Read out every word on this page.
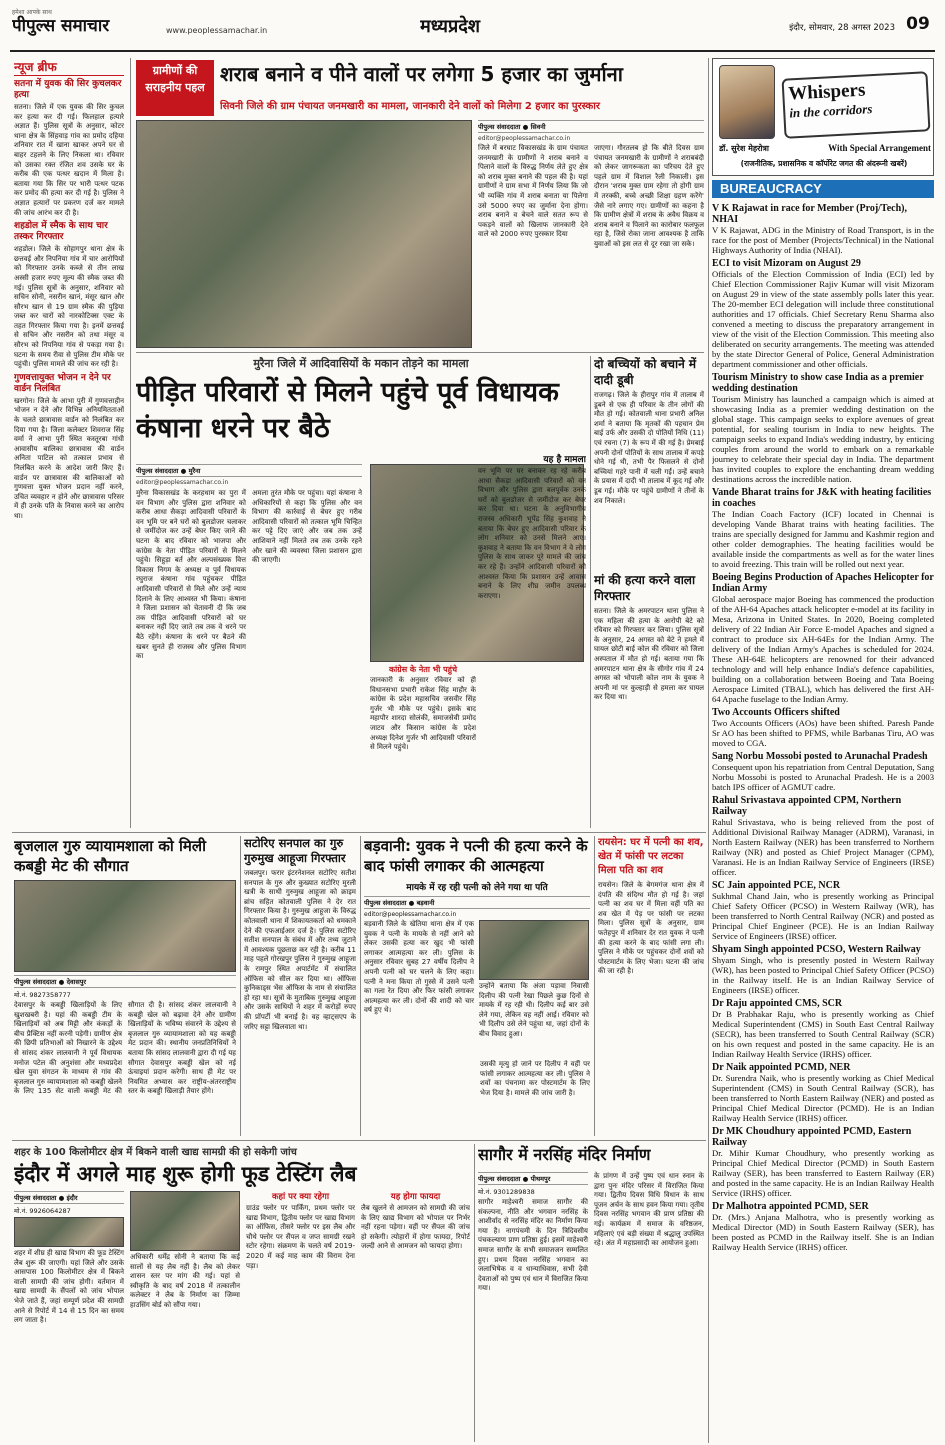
हमेशा आपके साथ
पीपुल्स समाचार	www.peoplessamachar.in	मध्यप्रदेश	इंदौर, सोमवार, 28 अगस्त 2023 09
न्यूज ब्रीफ
सतना में युवक की सिर कुचलकर हत्या
सतना। जिले में एक युवक की सिर कुचल कर हत्या कर दी गई। फिलहाल हत्यारे अज्ञात हैं। पुलिस सूत्रों के अनुसार, कोटर थाना क्षेत्र के सिंहवाड़ गांव का प्रमोद दहिया शनिवार रात में खाना खाकर अपने घर से बाहर टहलने के लिए निकला था। रविवार को उसका रक्त रंजित शव उसके घर के करीब की एक पत्थर खदान में मिला है। बताया गया कि सिर पर भारी पत्थर पटक कर प्रमोद की हत्या कर दी गई है। पुलिस ने अज्ञात हत्यारों पर प्रकरण दर्ज कर मामले की जांच आरंभ कर दी है।
शहडोल में स्मैक के साथ चार तस्कर गिरफ्तार
शहडोल। जिले के सोहागपुर थाना क्षेत्र के छत्तवई और निपनिया गांव में चार आरोपियों को गिरफ्तार उनके कब्जे से तीन लाख अस्सी हजार रुपए मूल्य की स्मैक जब्त की गई। पुलिस सूत्रों के अनुसार, शनिवार को सचिन सोनी, नसरीन खानं, मंसूर खान और सौरभ खान से 19 ग्राम स्मैक की पुड़िया जब्त कर चारों को नारकोटिक्स एक्ट के तहत गिरफ्तार किया गया है। इनमें छत्तवई से सचिन और नसरीन को तथा मंसूर व सौरभ को निपनिया गांव से पकड़ा गया है। घटना के समय रीवा से पुलिस टीम मौके पर पहुंची। पुलिस मामले की जांच कर रही है।
गुणवत्तायुक्त भोजन न देने पर वार्डन निलंबित
खरगोन। जिले के आभा पुरी में गुणवत्ताहीन भोजन न देने और विभिन्न अनियमितताओं के चलते छात्रावास वार्डन को निलंबित कर दिया गया है। जिला कलेक्टर शिवराज सिंह वर्मा ने आभा पुरी स्थित कस्तूरबा गांधी आवासीय बालिका छात्रावास की वार्डन अनिता पाटिल को तत्काल प्रभाव से निलंबित करने के आदेश जारी किए हैं। वार्डन पर छात्रावास की बालिकाओं को गुणवत्ता युक्त भोजन प्रदान नहीं करने, उचित व्यवहार न होने और छात्रावास परिसर में ही उनके पति के निवास करने का आरोप था।
ग्रामीणों की सराहनीय पहल
शराब बनाने व पीने वालों पर लगेगा 5 हजार का जुर्माना
सिवनी जिले की ग्राम पंचायत जनमखारी का मामला, जानकारी देने वालों को मिलेगा 2 हजार का पुरस्कार
पीपुल्स संवाददाता ● सिवनी
editor@peoplessamachar.co.in
जिले में बरघाट विकासखंड के ग्राम पंचायत जनमखारी के ग्रामीणों ने शराब बनाने व पिलाने वालों के विरुद्ध निर्णय लेते हुए क्षेत्र को शराब मुक्त बनाने की पहल की है। यहां ग्रामीणों ने ग्राम सभा में निर्णय लिया कि जो भी व्यक्ति गांव में शराब बनाता या पिलेगा उसे 5000 रुपए का जुर्माना देना होगा। शराब बनाने व बेचने वाले सतत रूप से पकड़ने वालों को खिलाफ जानकारी देने वाले को 2000 रुपए पुरस्कार दिया
जाएगा। गौरतलब हो कि बीते दिवस ग्राम पंचायत जनमखारी के ग्रामीणों ने शराबबंदी को लेकर जागरूकता का परिचय देते हुए पहले ग्राम में विशाल रैली निकाली। इस दौरान 'शराब मुक्त ग्राम रहेगा तो होगी ग्राम में तरक्की, बच्चे अच्छी शिक्षा ग्रहण करेंगे' जैसे नारे लगाए गए। ग्रामीणों का कहना है कि ग्रामीण क्षेत्रों में शराब के अवैध विक्रय व शराब बनाने व पिलाने का कारोबार फलफूल रहा है, जिसे रोका जाना आवश्यक है ताकि युवाओं को इस लत से दूर रखा जा सके।
मुरैना जिले में आदिवासियों के मकान तोड़ने का मामला
पीड़ित परिवारों से मिलने पहुंचे पूर्व विधायक कंषाना धरने पर बैठे
पीपुल्स संवाददाता ● मुरैना
editor@peoplessamachar.co.in
मुरैना विकासखंड के करहधाम का पुरा में वन विभाग और पुलिस द्वारा शनिवार को करीब आधा सैकड़ा आदिवासी परिवारों के वन भूमि पर बने घरों को बुलडोजर चलाकर से जमींदोज कर उन्हें बेघर किए जाने की घटना के बाद रविवार को भाजपा और कांग्रेस के नेता पीड़ित परिवारों से मिलने पहुंचे। सिहुड़ा बर्त और अल्पसंख्यक वित्त विकास निगम के अध्यक्ष व पूर्व विधायक रघुराज कंषाना गांव पहुंचकर पीड़ित आदिवासी परिवारों से मिले और उन्हें न्याय दिलाने के लिए आश्वस्त भी किया। कंषाना ने जिला प्रशासन को चेतावनी दी कि जब तक पीड़ित आदिवासी परिवारों को घर बनाकर नहीं दिए जाते तब तक वे धरने पर बैठे रहेंगे। कंषाना के धरने पर बैठने की खबर सुनते ही राजस्व और पुलिस विभाग का
अमला तुरंत मौके पर पहुंचा। यहां कंषाना ने अधिकारियों से कहा कि पुलिस और वन विभाग की कार्रवाई से बेघर हुए गरीब आदिवासी परिवारों को तत्काल भूमि चिन्हित कर पट्टे दिए जाएं और जब तक उन्हें आशियाने नहीं मिलते तब तक उनके रहने और खाने की व्यवस्था जिला प्रशासन द्वारा की जाएगी।
यह है मामला
वन भूमि पर घर बनाकर रह रहे करीब आधा सैकड़ा आदिवासी परिवारों को वन विभाग और पुलिस द्वारा बलपूर्वक उनके घरों को बुलडोजर से जमींदोज कर बेघर कर दिया था। घटना के अनुविभागीय राजस्व अधिकारी भूपेंद्र सिंह कुशवाह ने बताया कि बेघर हुए आदिवासी परिवार के लोग शनिवार को उनसे मिलने आए। कुशवाह ने बताया कि वन विभाग ने वे लोग पुलिस के साथ जाकर पूरे मामले की जांच कर रहे हैं। उन्होंने आदिवासी परिवारों को आश्वस्त किया कि प्रशासन उन्हें आवास बनाने के लिए शीघ्र जमीन उपलब्ध कराएगा।
कांग्रेस के नेता भी पहुंचे
जानकारी के अनुसार रविवार को ही विधानसभा प्रभारी राकेश सिंह माहौर के कांग्रेस के प्रदेश महासचिव जसवीर सिंह गुर्जर भी मौके पर पहुंचे। इसके बाद महापौर शारदा सोलंकी, समाजसेवी प्रमोद जाटव और किसान कांग्रेस के प्रदेश अध्यक्ष दिनेश गुर्जर भी आदिवासी परिवारों से मिलने पहुंचे।
दो बच्चियों को बचाने में दादी डूबी
राजगढ़। जिले के हीरापुर गांव में तालाब में डूबने से एक ही परिवार के तीन लोगों की मौत हो गई। कोतवाली थाना प्रभारी अनिल शर्मा ने बताया कि मृतकों की पहचान प्रेम बाई उर्फ और उसकी दो पोतियों निधि (11) एवं रचना (7) के रूप में की गई है। प्रेमबाई अपनी दोनों पोतियों के साथ तालाब में कपड़े धोने गई थी, तभी पैर फिसलने से दोनों बच्चियां गहरे पानी में चली गईं। उन्हें बचाने के प्रयास में दादी भी तालाब में कूद गई और डूब गई। मौके पर पहुंचे ग्रामीणों ने तीनों के शव निकाले।
मां की हत्या करने वाला गिरफ्तार
सतना। जिले के अमरपाटन थाना पुलिस ने एक महिला की हत्या के आरोपी बेटे को रविवार को गिरफ्तार कर लिया। पुलिस सूत्रों के अनुसार, 24 अगस्त को बेटे ने हमले में घायल छोटी बाई कोल की रविवार को जिला अस्पताल में मौत हो गई। बताया गया कि अमरपाटन थाना क्षेत्र के सीगोर गांव में 24 अगस्त को भोपाली कोल नाम के युवक ने अपनी मां पर कुल्हाड़ी से हमला कर घायल कर दिया था।
बृजलाल गुरु व्यायामशाला को मिली कबड्डी मेट की सौगात
पीपुल्स संवाददाता ● देवासपुर
मो.नं. 9827358777
देवासपुर के कबड्डी खिलाड़ियों के लिए खुशखबरी है। यहां की कबड्डी टीम के खिलाड़ियों को अब मिट्टी और कंकड़ों के बीच प्रैक्टिस नहीं करनी पड़ेगी। ग्रामीण क्षेत्र की छिपी प्रतिभाओं को निखारने के उद्देश्य से सांसद शंकर लालवानी ने पूर्व विधायक मनोज पटेल की अनुशंसा और मध्यप्रदेश खेल युवा संगठन के माध्यम से गांव की बृजलाल गुरु व्यायामशाला को कबड्डी खेलने के लिए 135 सेट वाली कबड्डी मेट की सौगात दी है। सांसद शंकर लालवानी ने कबड्डी खेल को बढ़ावा देने और ग्रामीण खिलाड़ियों के भविष्य संवारने के उद्देश्य से बृजलाल गुरु व्यायामशाला को यह कबड्डी मेट प्रदान की। स्थानीय जनप्रतिनिधियों ने बताया कि सांसद लालवानी द्वारा दी गई यह सौगात देवासपुर कबड्डी खेल को नई ऊंचाइयां प्रदान करेगी। साथ ही मेट पर नियमित अभ्यास कर राष्ट्रीय-अंतरराष्ट्रीय स्तर के कबड्डी खिलाड़ी तैयार होंगे।
सटोरिए सनपाल का गुरु गुरुमुख आहूजा गिरफ्तार
जबलपुर। फरार इंटरनेशनल सटोरिए सतीश सनपाल के गुरु और कुख्यात सटोरिए मुरली खत्री के साथी गुरुमुख आहूजा को क्राइम ब्रांच सहित कोतवाली पुलिस ने देर रात गिरफ्तार किया है। गुरुमुख आहूजा के विरुद्ध कोतवाली थाना में शिकायतकर्ता को धमकाने देने की एफआईआर दर्ज है। पुलिस सटोरिए सतीश सनपाल के संबंध में और तथ्य जुटाने में आवश्यक पूछताछ कर रही है। करीब 11 माह पहले गोरखपुर पुलिस ने गुरुमुख आहूजा के रामपुर स्थित अपार्टमेंट में संचालित ऑफिस को सील कर दिया था। ऑफिस कुनिकाड्स भेंस ऑफिस के नाम से संचालित हो रहा था। सूत्रों के मुताबिक गुरुमुख आहूजा और उसके साथियों ने शहर में करोड़ों रुपए की प्रॉपर्टी भी बनाई है। वह व्हाट्सएप के जरिए सट्टा खिलवाता था।
बड़वानी: युवक ने पत्नी की हत्या करने के बाद फांसी लगाकर की आत्महत्या
मायके में रह रही पत्नी को लेने गया था पति
पीपुल्स संवाददाता ● बड़वानी
editor@peoplessamachar.co.in
बड़वानी जिले के खेतिया थाना क्षेत्र में एक युवक ने पत्नी के मायके से नहीं आने को लेकर उसकी हत्या कर खुद भी फांसी लगाकर आत्महत्या कर ली। पुलिस के अनुसार रविवार सुबह 27 वर्षीय दिलीप ने अपनी पत्नी को घर चलने के लिए कहा। पत्नी ने मना किया तो गुस्से में उसने पत्नी का गला रेत दिया और फिर फांसी लगाकर आत्महत्या कर ली। दोनों की शादी को चार वर्ष हुए थे।
उन्होंने बताया कि अंजा पड़ावा निवासी दिलीप की पत्नी रेखा पिछले कुछ दिनों से मायके में रह रही थी। दिलीप कई बार उसे लेने गया, लेकिन वह नहीं आई। रविवार को भी दिलीप उसे लेने पहुंचा था, जहां दोनों के बीच विवाद हुआ।
उसकी मृत्यु हो जाने पर दिलीप ने वहीं पर फांसी लगाकर आत्महत्या कर ली। पुलिस ने शवों का पंचनामा कर पोस्टमार्टम के लिए भेज दिया है। मामले की जांच जारी है।
रायसेन: घर में पत्नी का शव, खेत में फांसी पर लटका मिला पति का शव
रायसेन। जिले के बेगमगंज थाना क्षेत्र में दंपति की संदिग्ध मौत हो गई है। जहां पत्नी का शव घर में मिला वहीं पति का शव खेत में पेड़ पर फांसी पर लटका मिला। पुलिस सूत्रों के अनुसार, ग्राम फतेहपुर में शनिवार देर रात युवक ने पत्नी की हत्या करने के बाद फांसी लगा ली। पुलिस ने मौके पर पहुंचकर दोनों शवों को पोस्टमार्टम के लिए भेजा। घटना की जांच की जा रही है।
शहर के 100 किलोमीटर क्षेत्र में बिकने वाली खाद्य सामग्री की हो सकेगी जांच
इंदौर में अगले माह शुरू होगी फूड टेस्टिंग लैब
पीपुल्स संवाददाता ● इंदौर
मो.नं. 9926064287
शहर में शीघ्र ही खाद्य विभाग की फूड टेस्टिंग लैब शुरू की जाएगी। यहां जिले और उसके आसपास 100 किलोमीटर क्षेत्र में बिकने वाली सामग्री की जांच होगी। वर्तमान में खाद्य सामग्री के सैंपलों को जांच भोपाल भेजे जाते हैं, जहां सम्पूर्ण प्रदेश की सामग्री आने से रिपोर्ट में 14 से 15 दिन का समय लग जाता है।
अधिकारी धर्मेंद्र सोनी ने बताया कि कई सालों से यह लैब नहीं है। लैब को लेकर शासन स्तर पर मांग की गई। यहां से स्वीकृति के बाद वर्ष 2018 में तत्कालीन कलेक्टर ने लैब के निर्माण का जिम्मा हाउसिंग बोर्ड को सौंपा गया।
कहां पर क्या रहेगा
ग्राउंड फ्लोर पर पार्किंग, प्रथम फ्लोर पर खाद्य विभाग, द्वितीय फ्लोर पर खाद्य विभाग का ऑफिस, तीसरे फ्लोर पर इस लैब और चौथे फ्लोर पर सैंपल व जप्त सामग्री रखने स्टोर रहेगा। संक्रमण के चलते वर्ष 2019-2020 में कई माह काम की विराम देना पड़ा।
यह होगा फायदा
लैब खुलने से आमजन को सामग्री की जांच के लिए खाद्य विभाग को भोपाल पर निर्भर नहीं रहना पड़ेगा। वहीं पर सैंपल की जांच हो सकेगी। त्योहारों में होगा फायदा, रिपोर्ट जल्दी आने से आमजन को फायदा होगा।
सागौर में नरसिंह मंदिर निर्माण
पीपुल्स संवाददाता ● पीथमपुर
मो.नं. 9301289838
सागौर माहेश्वरी समाज सागौर की संकल्पना, नीति और भगवान नरसिंह के आशीर्वाद से नरसिंह मंदिर का निर्माण किया गया है। नागपंचमी के दिन त्रिदिवसीय पंचकल्याण प्राण प्रतिष्ठा हुई। इसमें माहेश्वरी समाज सागौर के सभी समाजजन सम्मलित हुए। प्रथम दिवस नरसिंह भगवान का जलाभिषेक व व धान्याधिवास, सभी देवी देवताओं को पुष्प एवं धान में विराजित किया गया।
के प्रांगण में उन्हें पुष्प एवं धान स्नान के द्वारा पुनः मंदिर परिसर में विराजित किया गया। द्वितीय दिवस विधि विधान के साथ पूजन अर्चन के साथ हवन किया गया। तृतीय दिवस नरसिंह भगवान की प्राण प्रतिष्ठा की गई। कार्यक्रम में समाज के वरिष्ठजन, महिलाएं एवं बड़ी संख्या में श्रद्धालु उपस्थित रहे। अंत में महाप्रसादी का आयोजन हुआ।
Whispers
in the corridors
डॉ. सुरेश मेहरोत्रा	With Special Arrangement
(राजनीतिक, प्रशासनिक व कॉर्पोरेट जगत की अंदरूनी खबरें)
BUREAUCRACY
V K Rajawat in race for Member (Proj/Tech), NHAI
V K Rajawat, ADG in the Ministry of Road Transport, is in the race for the post of Member (Projects/Technical) in the National Highways Authority of India (NHAI).
ECI to visit Mizoram on August 29
Officials of the Election Commission of India (ECI) led by Chief Election Commissioner Rajiv Kumar will visit Mizoram on August 29 in view of the state assembly polls later this year. The 20-member ECI delegation will include three constitutional authorities and 17 officials. Chief Secretary Renu Sharma also convened a meeting to discuss the preparatory arrangement in view of the visit of the Election Commission. This meeting also deliberated on security arrangements. The meeting was attended by the state Director General of Police, General Administration department commissioner and other officials.
Tourism Ministry to show case India as a premier wedding destination
Tourism Ministry has launched a campaign which is aimed at showcasing India as a premier wedding destination on the global stage. This campaign seeks to explore avenues of great potential, for sealing tourism in India to new heights. The campaign seeks to expand India's wedding industry, by enticing couples from around the world to embark on a remarkable journey to celebrate their special day in India. The department has invited couples to explore the enchanting dream wedding destinations across the incredible nation.
Vande Bharat trains for J&K with heating facilities in coaches
The Indian Coach Factory (ICF) located in Chennai is developing Vande Bharat trains with heating facilities. The trains are specially designed for Jammu and Kashmir region and other colder demographies. The heating facilities would be available inside the compartments as well as for the water lines to avoid freezing. This train will be rolled out next year.
Boeing Begins Production of Apaches Helicopter for Indian Army
Global aerospace major Boeing has commenced the production of the AH-64 Apaches attack helicopter e-model at its facility in Mesa, Arizona in United States. In 2020, Boeing completed delivery of 22 Indian Air Force E-model Apaches and signed a contract to produce six AH-64Es for the Indian Army. The delivery of the Indian Army's Apaches is scheduled for 2024. These AH-64E helicopters are renowned for their advanced technology and will help enhance India's defence capabilities, building on a collaboration between Boeing and Tata Boeing Aerospace Limited (TBAL), which has delivered the first AH-64 Apache fuselage to the Indian Army.
Two Accounts Officers shifted
Two Accounts Officers (AOs) have been shifted. Paresh Pande Sr AO has been shifted to PFMS, while Barbanas Tiru, AO was moved to CGA.
Sang Norbu Mossobi posted to Arunachal Pradesh
Consequent upon his repatriation from Central Deputation, Sang Norbu Mossobi is posted to Arunachal Pradesh. He is a 2003 batch IPS officer of AGMUT cadre.
Rahul Srivastava appointed CPM, Northern Railway
Rahul Srivastava, who is being relieved from the post of Additional Divisional Railway Manager (ADRM), Varanasi, in North Eastern Railway (NER) has been transferred to Northern Railway (NR) and posted as Chief Project Manager (CPM), Varanasi. He is an Indian Railway Service of Engineers (IRSE) officer.
SC Jain appointed PCE, NCR
Sukhmal Chand Jain, who is presently working as Principal Chief Safety Officer (PCSO) in Western Railway (WR), has been transferred to North Central Railway (NCR) and posted as Principal Chief Engineer (PCE). He is an Indian Railway Service of Engineers (IRSE) officer.
Shyam Singh appointed PCSO, Western Railway
Shyam Singh, who is presently posted in Western Railway (WR), has been posted to Principal Chief Safety Officer (PCSO) in the Railway itself. He is an Indian Railway Service of Engineers (IRSE) officer.
Dr Raju appointed CMS, SCR
Dr B Prabhakar Raju, who is presently working as Chief Medical Superintendent (CMS) in South East Central Railway (SECR), has been transferred to South Central Railway (SCR) on his own request and posted in the same capacity. He is an Indian Railway Health Service (IRHS) officer.
Dr Naik appointed PCMD, NER
Dr. Surendra Naik, who is presently working as Chief Medical Superintendent (CMS) in South Central Railway (SCR), has been transferred to North Eastern Railway (NER) and posted as Principal Chief Medical Director (PCMD). He is an Indian Railway Health Service (IRHS) officer.
Dr MK Choudhury appointed PCMD, Eastern Railway
Dr. Mihir Kumar Choudhury, who presently working as Principal Chief Medical Director (PCMD) in South Eastern Railway (SER), has been transferred to Eastern Railway (ER) and posted in the same capacity. He is an Indian Railway Health Service (IRHS) officer.
Dr Malhotra appointed PCMD, SER
Dr. (Mrs.) Anjana Malhotra, who is presently working as Medical Director (MD) in South Eastern Railway (SER), has been posted as PCMD in the Railway itself. She is an Indian Railway Health Service (IRHS) officer.
